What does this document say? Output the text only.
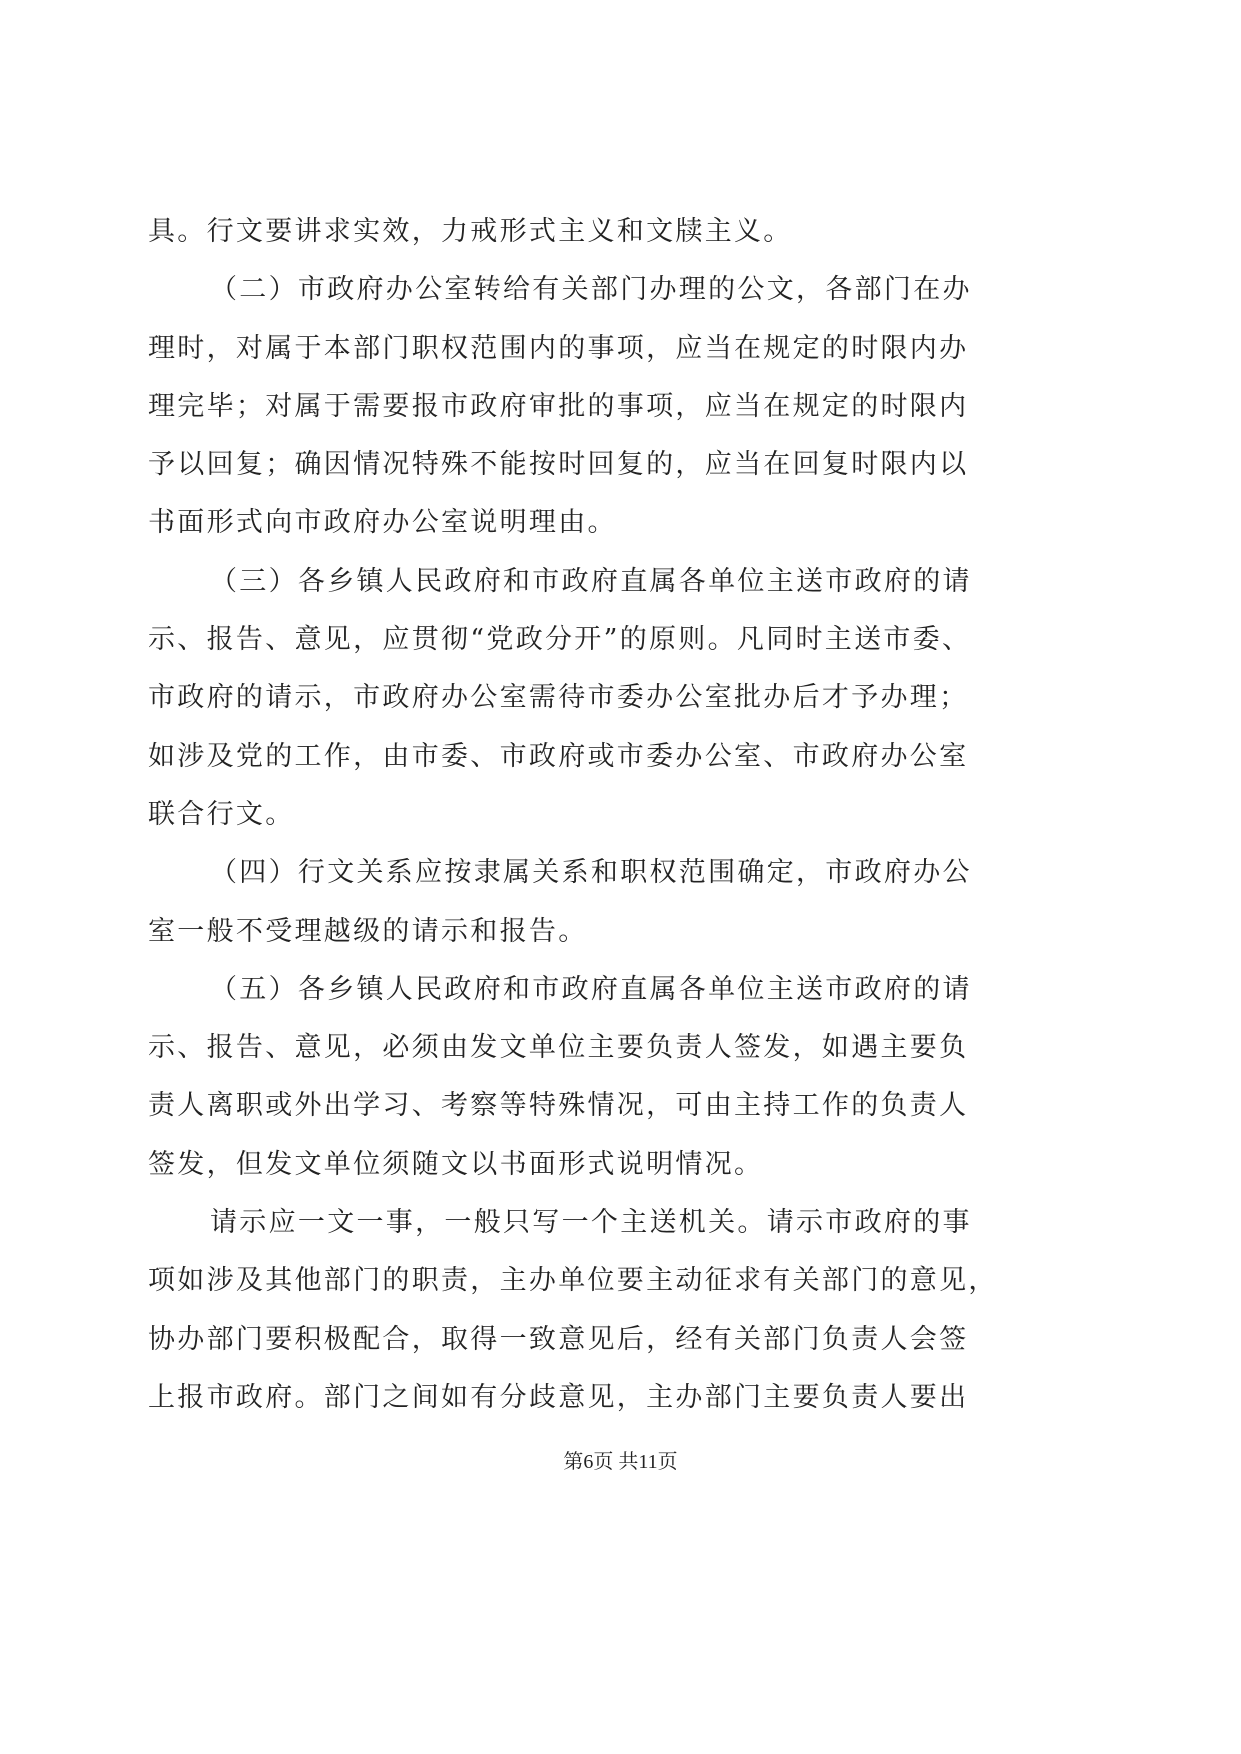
具。行文要讲求实效，力戒形式主义和文牍主义。
（二）市政府办公室转给有关部门办理的公文，各部门在办
理时，对属于本部门职权范围内的事项，应当在规定的时限内办
理完毕；对属于需要报市政府审批的事项，应当在规定的时限内
予以回复；确因情况特殊不能按时回复的，应当在回复时限内以
书面形式向市政府办公室说明理由。
（三）各乡镇人民政府和市政府直属各单位主送市政府的请
示、报告、意见，应贯彻“党政分开”的原则。凡同时主送市委、
市政府的请示，市政府办公室需待市委办公室批办后才予办理；
如涉及党的工作，由市委、市政府或市委办公室、市政府办公室
联合行文。
（四）行文关系应按隶属关系和职权范围确定，市政府办公
室一般不受理越级的请示和报告。
（五）各乡镇人民政府和市政府直属各单位主送市政府的请
示、报告、意见，必须由发文单位主要负责人签发，如遇主要负
责人离职或外出学习、考察等特殊情况，可由主持工作的负责人
签发，但发文单位须随文以书面形式说明情况。
请示应一文一事，一般只写一个主送机关。请示市政府的事
项如涉及其他部门的职责，主办单位要主动征求有关部门的意见，
协办部门要积极配合，取得一致意见后，经有关部门负责人会签
上报市政府。部门之间如有分歧意见，主办部门主要负责人要出
第6页 共11页
